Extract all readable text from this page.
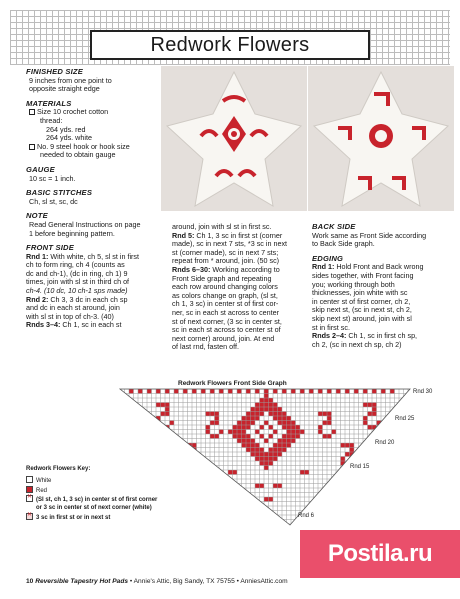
Redwork Flowers
FINISHED SIZE
9 inches from one point to
opposite straight edge
MATERIALS
Size 10 crochet cotton
thread:
264 yds. red
264 yds. white
No. 9 steel hook or hook size
needed to obtain gauge
GAUGE
10 sc = 1 inch.
BASIC STITCHES
Ch, sl st, sc, dc
NOTE
Read General Instructions on page
1 before beginning pattern.
FRONT SIDE
Rnd 1: With white, ch 5, sl st in first
ch to form ring, ch 4 (counts as
dc and ch-1), (dc in ring, ch 1) 9
times, join with sl st in third ch of
ch-4. (10 dc, 10 ch-1 sps made)
Rnd 2: Ch 3, 3 dc in each ch sp
and dc in each st around, join
with sl st in top of ch-3. (40)
Rnds 3–4: Ch 1, sc in each st
around, join with sl st in first sc.
Rnd 5: Ch 1, 3 sc in first st (corner
made), sc in next 7 sts, *3 sc in next
st (corner made), sc in next 7 sts;
repeat from * around, join. (50 sc)
Rnds 6–30: Working according to
Front Side graph and repeating
each row around changing colors
as colors change on graph, (sl st,
ch 1, 3 sc) in center st of first cor-
ner, sc in each st across to center
st of next corner, (3 sc in center st,
sc in each st across to center st of
next corner) around, join. At end
of last rnd, fasten off.
BACK SIDE
Work same as Front Side according
to Back Side graph.
EDGING
Rnd 1: Hold Front and Back wrong
sides together, with Front facing
you; working through both
thicknesses, join white with sc
in center st of first corner, ch 2,
skip next st, (sc in next st, ch 2,
skip next st) around, join with sl
st in first sc.
Rnds 2–4: Ch 1, sc in first ch sp,
ch 2, (sc in next ch sp, ch 2)
Redwork Flowers Front Side Graph
Rnd 30
Rnd 25
Rnd 20
Rnd 15
Rnd 6
Redwork Flowers Key:
White
Red
✕ (Sl st, ch 1, 3 sc) in center st of first corner
or 3 sc in center st of next corner (white)
✕ 3 sc in first st or in next st
10 Reversible Tapestry Hot Pads • Annie's Attic, Big Sandy, TX 75755 • AnniesAttic.com
Postila.ru
